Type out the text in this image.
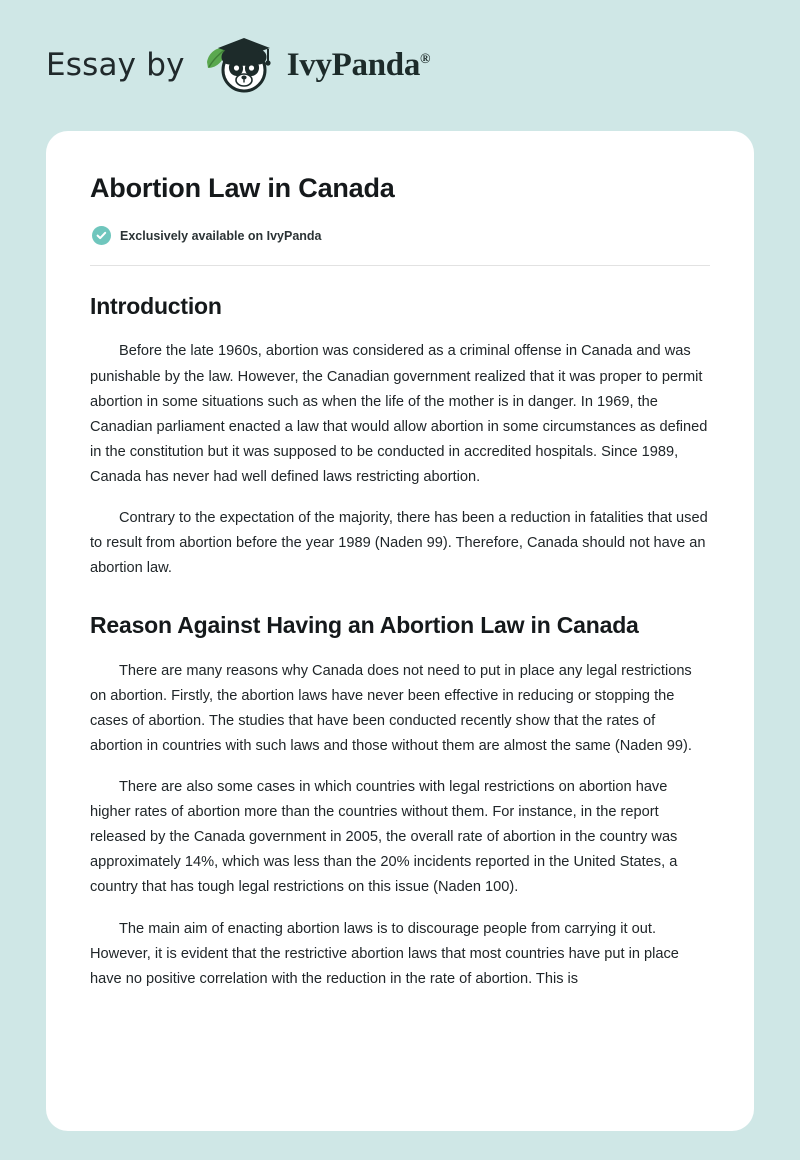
Essay by	IvyPanda®
Abortion Law in Canada
Exclusively available on IvyPanda
Introduction

Before the late 1960s, abortion was considered as a criminal offense in Canada and was punishable by the law. However, the Canadian government realized that it was proper to permit abortion in some situations such as when the life of the mother is in danger. In 1969, the Canadian parliament enacted a law that would allow abortion in some circumstances as defined in the constitution but it was supposed to be conducted in accredited hospitals. Since 1989, Canada has never had well defined laws restricting abortion.

Contrary to the expectation of the majority, there has been a reduction in fatalities that used to result from abortion before the year 1989 (Naden 99). Therefore, Canada should not have an abortion law.

Reason Against Having an Abortion Law in Canada

There are many reasons why Canada does not need to put in place any legal restrictions on abortion. Firstly, the abortion laws have never been effective in reducing or stopping the cases of abortion. The studies that have been conducted recently show that the rates of abortion in countries with such laws and those without them are almost the same (Naden 99).

There are also some cases in which countries with legal restrictions on abortion have higher rates of abortion more than the countries without them. For instance, in the report released by the Canada government in 2005, the overall rate of abortion in the country was approximately 14%, which was less than the 20% incidents reported in the United States, a country that has tough legal restrictions on this issue (Naden 100).

The main aim of enacting abortion laws is to discourage people from carrying it out. However, it is evident that the restrictive abortion laws that most countries have put in place have no positive correlation with the reduction in the rate of abortion. This is
